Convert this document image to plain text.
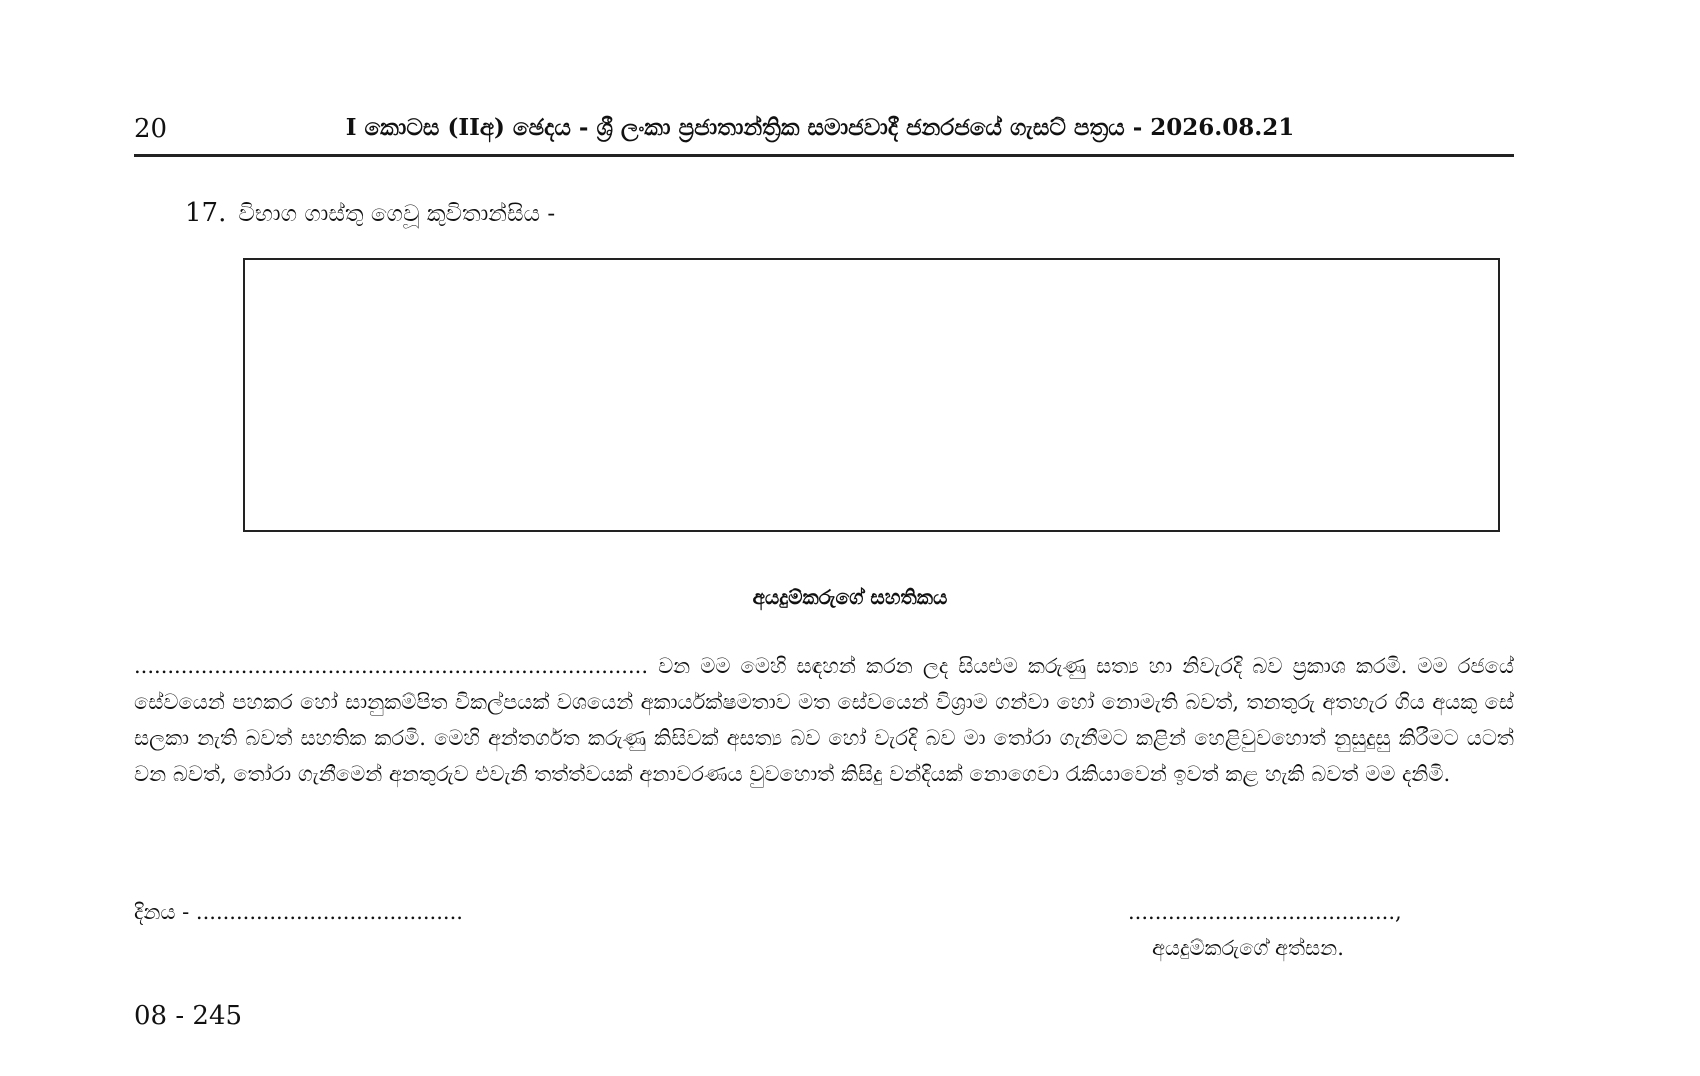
20	I කොටස (IIඅ) ඡෙදය - ශ්‍රී ලංකා ප්‍රජාතාන්ත්‍රික සමාජවාදී ජනරජයේ ගැසට් පත්‍රය - 2026.08.21
17. විභාග ගාස්තු ගෙවූ කුවිතාන්සිය -
අයදුම්කරුගේ සහතිකය
............................................................................. වන මම මෙහි සඳහන් කරන ලද සියළුම කරුණු සත්‍ය හා නිවැරදි බව ප්‍රකාශ කරමි. මම රජයේ සේවයෙන් පහකර හෝ සානුකම්පිත විකල්පයක් වශයෙන් අකාර්යක්ෂමතාව මත සේවයෙන් විශ්‍රාම ගන්වා හෝ නොමැති බවත්, තනතුරු අතහැර ගිය අයකු සේ සලකා නැති බවත් සහතික කරමි. මෙහි අන්තර්ගත කරුණු කිසිවක් අසත්‍ය බව හෝ වැරදි බව මා තෝරා ගැනීමට කළින් හෙළිවුවහොත් නුසුදුසු කිරීමට යටත් වන බවත්, තෝරා ගැනීමෙන් අනතුරුව එවැනි තත්ත්වයක් අනාවරණය වුවහොත් කිසිදු වන්දියක් නොගෙවා රැකියාවෙන් ඉවත් කළ හැකි බවත් මම දනිමි.
දිනය - ........................................	........................................,
අයදුම්කරුගේ අත්සන.
08 - 245
